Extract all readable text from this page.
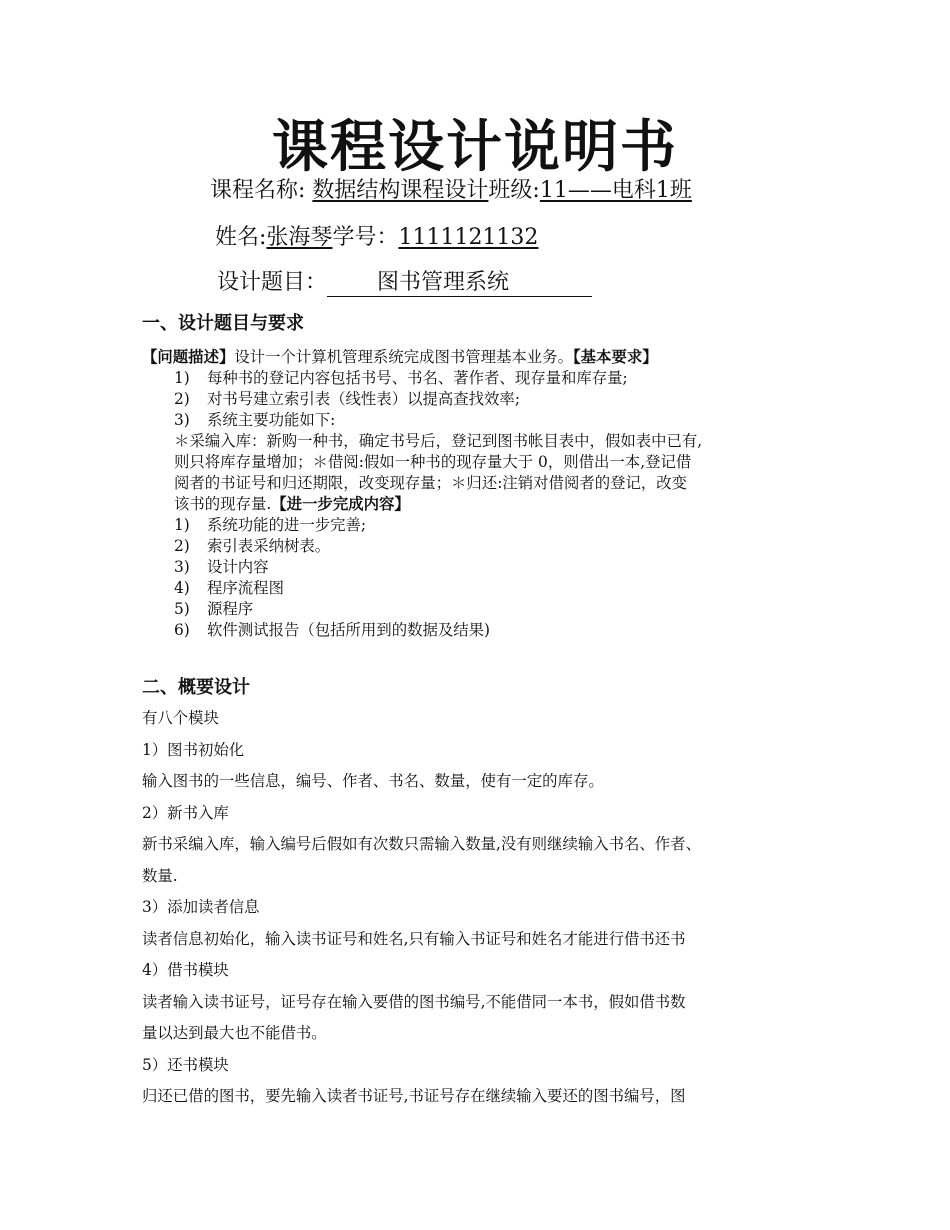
课程设计说明书
课程名称: 数据结构课程设计班级:11——电科1班
姓名:张海琴学号：1111121132
设计题目： 图书管理系统
一、设计题目与要求
【问题描述】设计一个计算机管理系统完成图书管理基本业务。【基本要求】
1) 每种书的登记内容包括书号、书名、著作者、现存量和库存量;
2) 对书号建立索引表（线性表）以提高查找效率;
3) 系统主要功能如下:
＊采编入库：新购一种书，确定书号后，登记到图书帐目表中，假如表中已有,
则只将库存量增加；＊借阅:假如一种书的现存量大于 0，则借出一本,登记借
阅者的书证号和归还期限，改变现存量；＊归还:注销对借阅者的登记，改变
该书的现存量.【进一步完成内容】
1) 系统功能的进一步完善;
2) 索引表采纳树表。
3) 设计内容
4) 程序流程图
5) 源程序
6) 软件测试报告（包括所用到的数据及结果)
二、概要设计
有八个模块
1）图书初始化
输入图书的一些信息，编号、作者、书名、数量，使有一定的库存。
2）新书入库
新书采编入库，输入编号后假如有次数只需输入数量,没有则继续输入书名、作者、
数量.
3）添加读者信息
读者信息初始化，输入读书证号和姓名,只有输入书证号和姓名才能进行借书还书
4）借书模块
读者输入读书证号，证号存在输入要借的图书编号,不能借同一本书，假如借书数
量以达到最大也不能借书。
5）还书模块
归还已借的图书，要先输入读者书证号,书证号存在继续输入要还的图书编号，图
